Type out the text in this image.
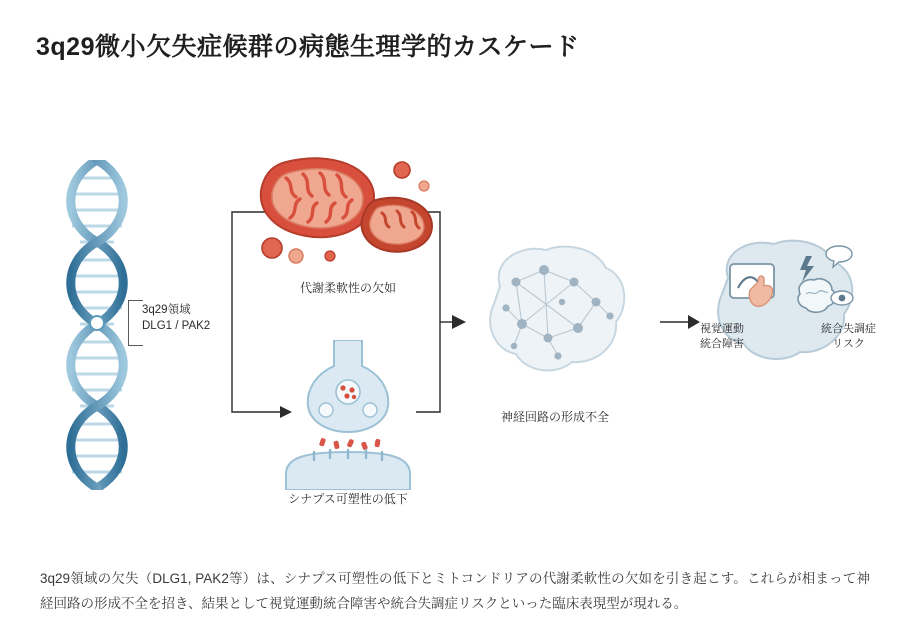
3q29微小欠失症候群の病態生理学的カスケード
3q29領域
DLG1 / PAK2
代謝柔軟性の欠如
シナプス可塑性の低下
神経回路の形成不全
視覚運動
統合障害
統合失調症
リスク
3q29領域の欠失（DLG1, PAK2等）は、シナプス可塑性の低下とミトコンドリアの代謝柔軟性の欠如を引き起こす。これらが相まって神経回路の形成不全を招き、結果として視覚運動統合障害や統合失調症リスクといった臨床表現型が現れる。
